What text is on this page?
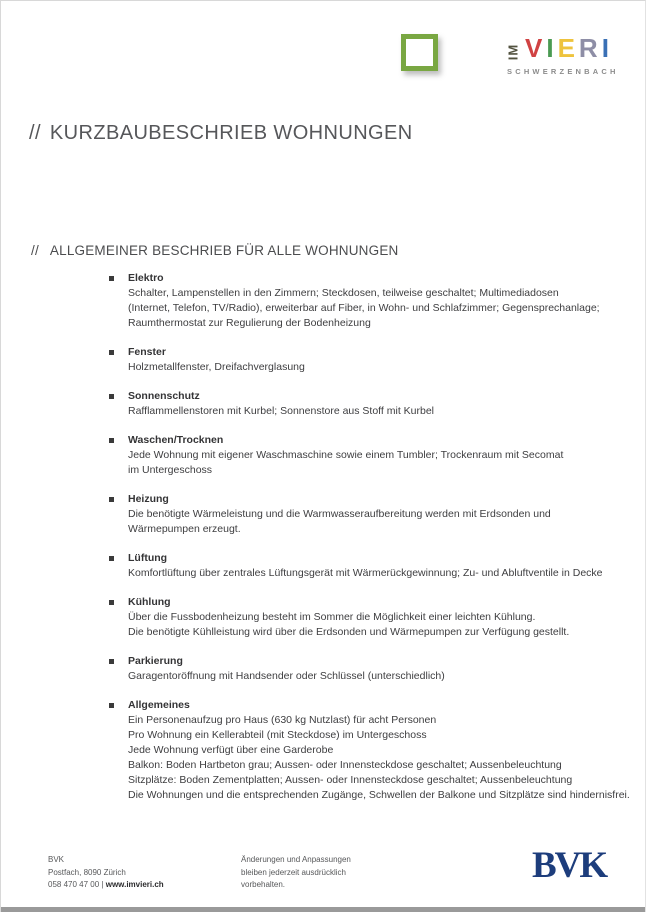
IM VIERI
SCHWERZENBACH
// KURZBAUBESCHRIEB WOHNUNGEN
// ALLGEMEINER BESCHRIEB FÜR ALLE WOHNUNGEN
Elektro
Schalter, Lampenstellen in den Zimmern; Steckdosen, teilweise geschaltet; Multimediadosen
(Internet, Telefon, TV/Radio), erweiterbar auf Fiber, in Wohn- und Schlafzimmer; Gegensprechanlage;
Raumthermostat zur Regulierung der Bodenheizung
Fenster
Holzmetallfenster, Dreifachverglasung
Sonnenschutz
Rafflammellenstoren mit Kurbel; Sonnenstore aus Stoff mit Kurbel
Waschen/Trocknen
Jede Wohnung mit eigener Waschmaschine sowie einem Tumbler; Trockenraum mit Secomat
im Untergeschoss
Heizung
Die benötigte Wärmeleistung und die Warmwasseraufbereitung werden mit Erdsonden und
Wärmepumpen erzeugt.
Lüftung
Komfortlüftung über zentrales Lüftungsgerät mit Wärmerückgewinnung; Zu- und Abluftventile in Decke
Kühlung
Über die Fussbodenheizung besteht im Sommer die Möglichkeit einer leichten Kühlung.
Die benötigte Kühlleistung wird über die Erdsonden und Wärmepumpen zur Verfügung gestellt.
Parkierung
Garagentoröffnung mit Handsender oder Schlüssel (unterschiedlich)
Allgemeines
Ein Personenaufzug pro Haus (630 kg Nutzlast) für acht Personen
Pro Wohnung ein Kellerabteil (mit Steckdose) im Untergeschoss
Jede Wohnung verfügt über eine Garderobe
Balkon: Boden Hartbeton grau; Aussen- oder Innensteckdose geschaltet; Aussenbeleuchtung
Sitzplätze: Boden Zementplatten; Aussen- oder Innensteckdose geschaltet; Aussenbeleuchtung
Die Wohnungen und die entsprechenden Zugänge, Schwellen der Balkone und Sitzplätze sind hindernisfrei.
BVK
Postfach, 8090 Zürich
058 470 47 00 | www.imvieri.ch
Änderungen und Anpassungen
bleiben jederzeit ausdrücklich
vorbehalten.	BVK
